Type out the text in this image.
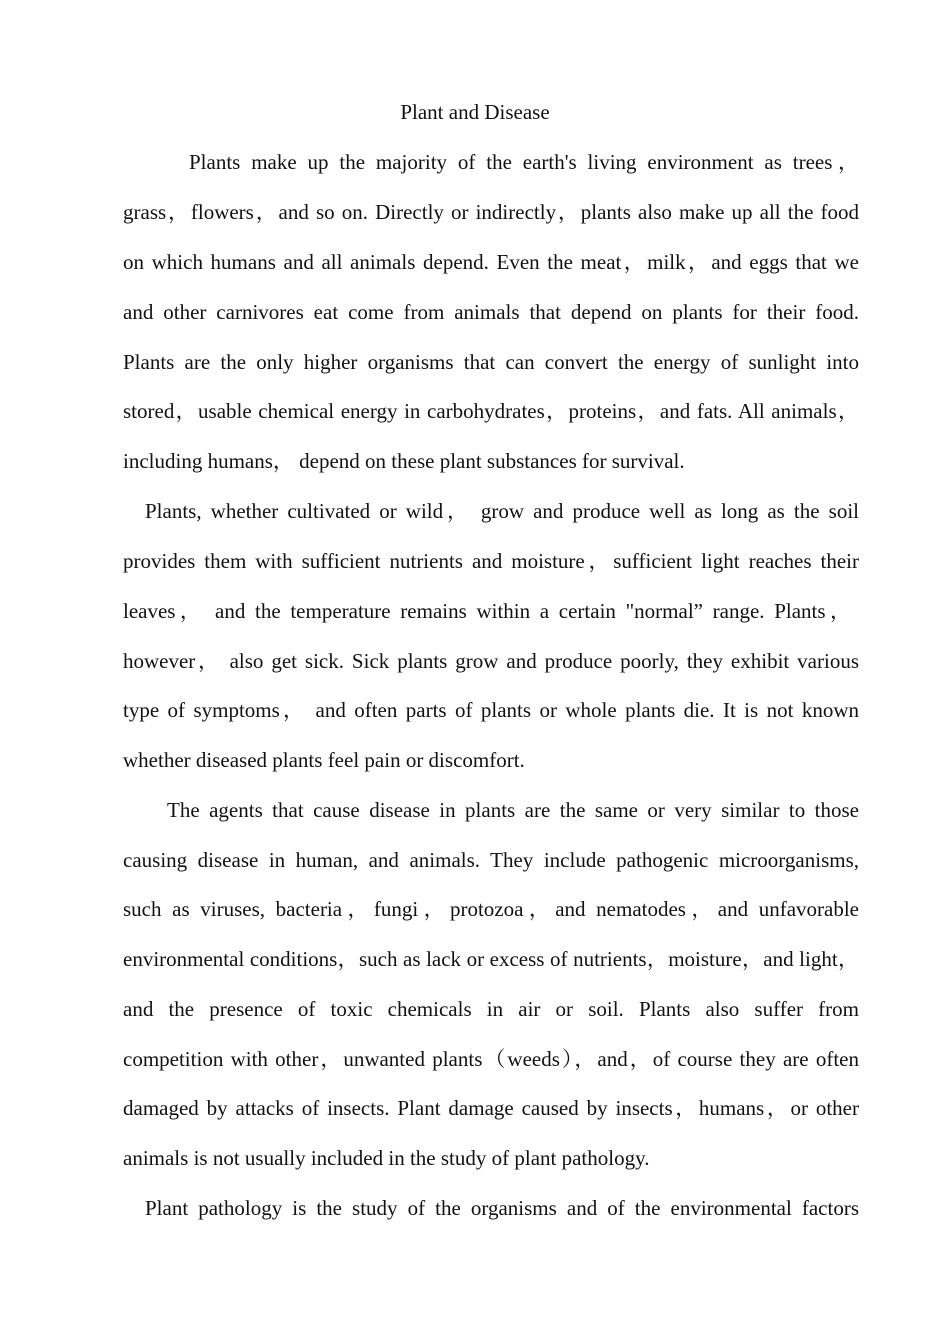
Plant and Disease
Plants make up the majority of the earth's living environment as trees，
grass，flowers，and so on. Directly or indirectly，plants also make up all the food
on which humans and all animals depend. Even the meat，milk，and eggs that we
and other carnivores eat come from animals that depend on plants for their food.
Plants are the only higher organisms that can convert the energy of sunlight into
stored，usable chemical energy in carbohydrates，proteins，and fats. All animals，
including humans， depend on these plant substances for survival.
Plants, whether cultivated or wild， grow and produce well as long as the soil
provides them with sufficient nutrients and moisture，sufficient light reaches their
leaves， and the temperature remains within a certain "normal” range. Plants，
however， also get sick. Sick plants grow and produce poorly, they exhibit various
type of symptoms， and often parts of plants or whole plants die. It is not known
whether diseased plants feel pain or discomfort.
The agents that cause disease in plants are the same or very similar to those
causing disease in human, and animals. They include pathogenic microorganisms,
such as viruses, bacteria，fungi，protozoa，and nematodes，and unfavorable
environmental conditions，such as lack or excess of nutrients，moisture，and light，
and the presence of toxic chemicals in air or soil. Plants also suffer from
competition with other，unwanted plants（weeds），and，of course they are often
damaged by attacks of insects. Plant damage caused by insects，humans，or other
animals is not usually included in the study of plant pathology.
Plant pathology is the study of the organisms and of the environmental factors
